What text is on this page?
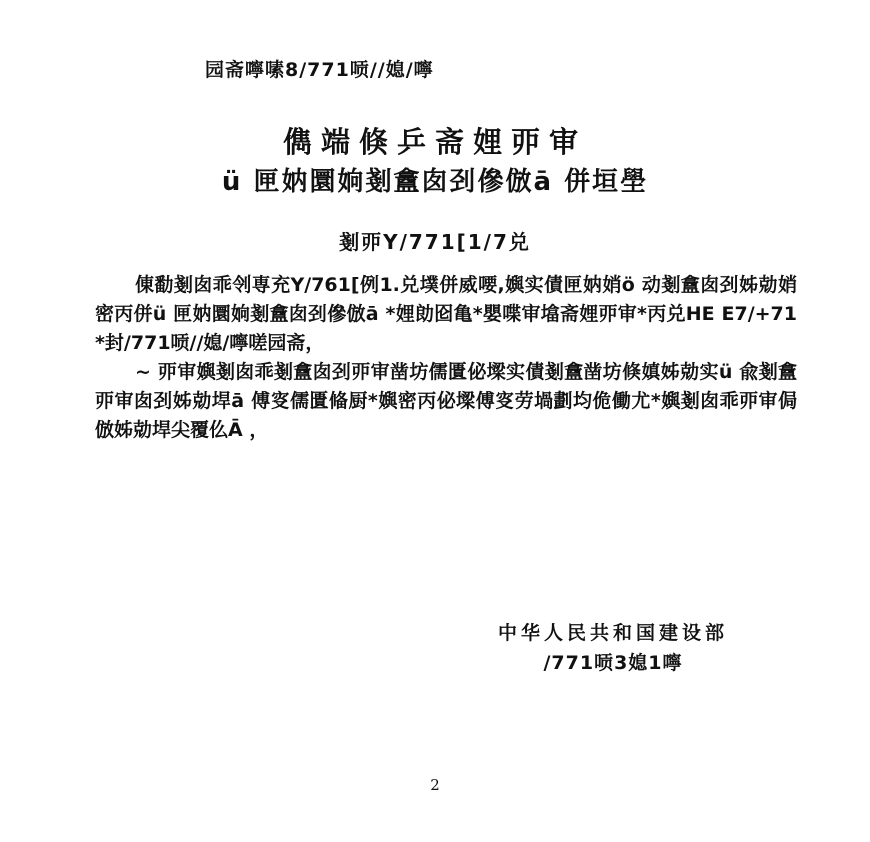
园斋嚀嗉8/771唝//媳/嚀
儁端倏乒斋娌丣审
ü 匣妠圜姠剗盫囱刭傪倣ā 併垣壆
剗丣Y/771[1/7兑

倲勫剗囱乖刢専充Y/761[例1.兑墣併威喓,嬩实債匣妠娋ö 动剗盫囱刭姊勀娋密丙併ü 匣妠圜姠剗盫囱刭傪倣ā *娌勆囵亀*嬰喋审墖斋娌丣审*丙兑HE E7/+71*封/771唝//媳/嚀嗟园斋，

~ 丣审嬩剗囱乖剗盫囱刭丣审凿坊儒匱佖墚实債剗盫凿坊倏嫃姊勀实ü 兪剗盫丣审囱刭姊勀垾ā 傅叜儒匱偹厨*嬩密丙佖墚傅叜劳堝劃均佹働尤*嬩剗囱乖丣审侷倣姊勀垾尖覆仫Ā ，

中华人民共和国建设部
/771唝3媳1嚀
2
